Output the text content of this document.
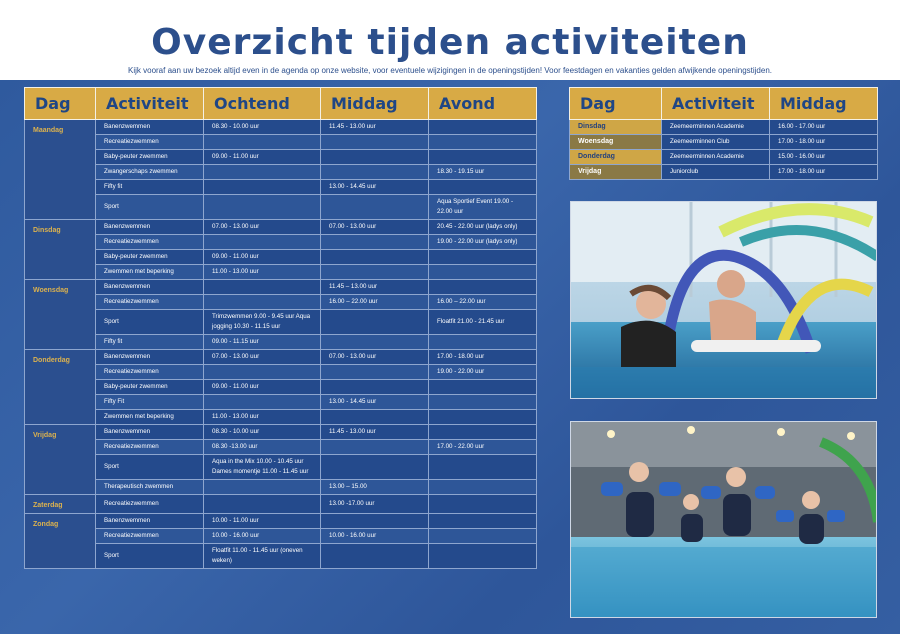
Overzicht tijden activiteiten
Kijk vooraf aan uw bezoek altijd even in de agenda op onze website, voor eventuele wijzigingen in de openingstijden! Voor feestdagen en vakanties gelden afwijkende openingstijden.
Dag	Activiteit	Ochtend	Middag	Avond
Maandag	Banenzwemmen	08.30 - 10.00 uur	11.45 - 13.00 uur	
	Recreatiezwemmen			
	Baby-peuter zwemmen	09.00 - 11.00 uur		
	Zwangerschaps zwemmen			18.30 - 19.15 uur
	Fifty fit		13.00 - 14.45 uur	
	Sport			Aqua Sportief Event 19.00 - 22.00 uur
Dinsdag	Banenzwemmen	07.00 - 13.00 uur	07.00 - 13.00 uur	20.45 - 22.00 uur (ladys only)
	Recreatiezwemmen			19.00 - 22.00 uur (ladys only)
	Baby-peuter zwemmen	09.00 - 11.00 uur		
	Zwemmen met beperking	11.00 - 13.00 uur		
Woensdag	Banenzwemmen		11.45 – 13.00 uur	
	Recreatiezwemmen		16.00 – 22.00 uur	16.00 – 22.00 uur
	Sport	Trimzwemmen 9.00 - 9.45 uur Aqua jogging 10.30 - 11.15 uur		Floatfit 21.00 - 21.45 uur
	Fifty fit	09.00 - 11.15 uur		
Donderdag	Banenzwemmen	07.00 - 13.00 uur	07.00 - 13.00 uur	17.00 - 18.00 uur
	Recreatiezwemmen			19.00 - 22.00 uur
	Baby-peuter zwemmen	09.00 - 11.00 uur		
	Fifty Fit		13.00 - 14.45 uur	
	Zwemmen met beperking	11.00 - 13.00 uur		
Vrijdag	Banenzwemmen	08.30 - 10.00 uur	11.45 - 13.00 uur	
	Recreatiezwemmen	08.30 -13.00 uur		17.00 - 22.00 uur
	Sport	Aqua in the Mix 10.00 - 10.45 uur Dames momentje 11.00 - 11.45 uur		
	Therapeutisch zwemmen		13.00 – 15.00	
Zaterdag	Recreatiezwemmen		13.00 -17.00 uur	
Zondag	Banenzwemmen	10.00 - 11.00 uur		
	Recreatiezwemmen	10.00 - 16.00 uur	10.00 - 16.00 uur	
	Sport	Floatfit 11.00 - 11.45 uur (oneven weken)		
Dag	Activiteit	Middag
Dinsdag	Zeemeerminnen Academie	16.00 - 17.00 uur
Woensdag	Zeemeerminnen Club	17.00 - 18.00 uur
Donderdag	Zeemeerminnen Academie	15.00 - 16.00 uur
Vrijdag	Juniorclub	17.00 - 18.00 uur
